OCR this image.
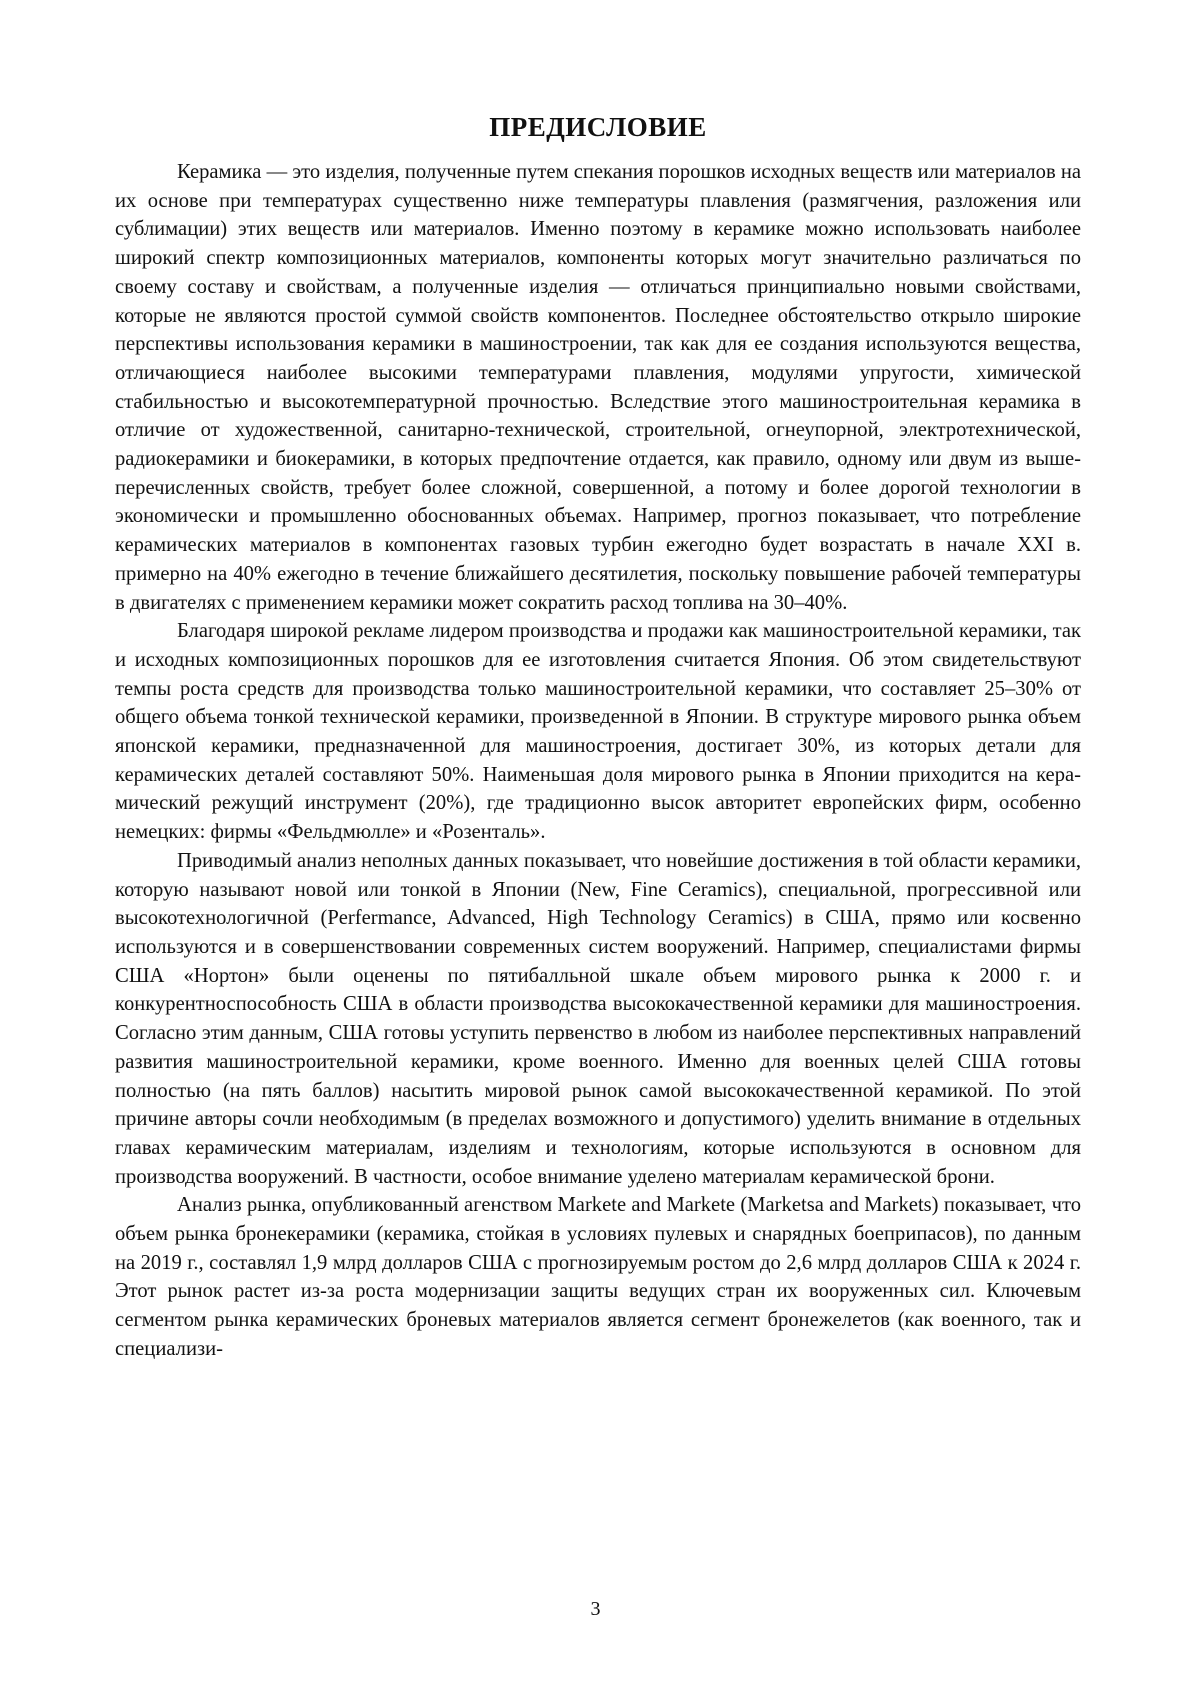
ПРЕДИСЛОВИЕ

Керамика — это изделия, полученные путем спекания порошков исходных веществ или материалов на их основе при температурах существенно ниже температуры плавления (размягчения, разложения или сублимации) этих веществ или материалов. Именно поэтому в керамике можно использовать наиболее широкий спектр композиционных материалов, компоненты которых могут значительно различаться по своему составу и свойствам, а полученные изделия — отличаться принципиально новыми свойствами, которые не являются простой суммой свойств компонентов. Последнее обстоятельство открыло широкие перспективы использования керамики в машиностроении, так как для ее создания используются вещества, отличающиеся наиболее высокими температурами плавления, модулями упругости, химической стабильностью и высокотемпературной прочностью. Вследствие этого машиностроительная керамика в отличие от художественной, санитарно-технической, строительной, огнеупорной, электротехнической, радиокерамики и биокерамики, в которых предпочтение отдается, как правило, одному или двум из вышеперечисленных свойств, требует более сложной, совершенной, а потому и более дорогой технологии в экономически и промышленно обоснованных объемах. Например, прогноз показывает, что потребление керамических материалов в компонентах газовых турбин ежегодно будет возрастать в начале XXI в. примерно на 40% ежегодно в течение ближайшего десятилетия, поскольку повышение рабочей температуры в двигателях с применением керамики может сократить расход топлива на 30–40%.

Благодаря широкой рекламе лидером производства и продажи как машиностроительной керамики, так и исходных композиционных порошков для ее изготовления считается Япония. Об этом свидетельствуют темпы роста средств для производства только машиностроительной керамики, что составляет 25–30% от общего объема тонкой технической керамики, произведенной в Японии. В структуре мирового рынка объем японской керамики, предназначенной для машиностроения, достигает 30%, из которых детали для керамических деталей составляют 50%. Наименьшая доля мирового рынка в Японии приходится на керамический режущий инструмент (20%), где традиционно высок авторитет европейских фирм, особенно немецких: фирмы «Фельдмюлле» и «Розенталь».

Приводимый анализ неполных данных показывает, что новейшие достижения в той области керамики, которую называют новой или тонкой в Японии (New, Fine Ceramics), специальной, прогрессивной или высокотехнологичной (Perfermance, Advanced, High Technology Ceramics) в США, прямо или косвенно используются и в совершенствовании современных систем вооружений. Например, специалистами фирмы США «Нортон» были оценены по пятибалльной шкале объем мирового рынка к 2000 г. и конкурентноспособность США в области производства высококачественной керамики для машиностроения. Согласно этим данным, США готовы уступить первенство в любом из наиболее перспективных направлений развития машиностроительной керамики, кроме военного. Именно для военных целей США готовы полностью (на пять баллов) насытить мировой рынок самой высококачественной керамикой. По этой причине авторы сочли необходимым (в пределах возможного и допустимого) уделить внимание в отдельных главах керамическим материалам, изделиям и технологиям, которые используются в основном для производства вооружений. В частности, особое внимание уделено материалам керамической брони.

Анализ рынка, опубликованный агенством Markete and Markete (Marketsa and Markets) показывает, что объем рынка бронекерамики (керамика, стойкая в условиях пулевых и снарядных боеприпасов), по данным на 2019 г., составлял 1,9 млрд долларов США с прогнозируемым ростом до 2,6 млрд долларов США к 2024 г. Этот рынок растет из-за роста модернизации защиты ведущих стран их вооруженных сил. Ключевым сегментом рынка керамических броневых материалов является сегмент бронежелетов (как военного, так и специализи-

3
